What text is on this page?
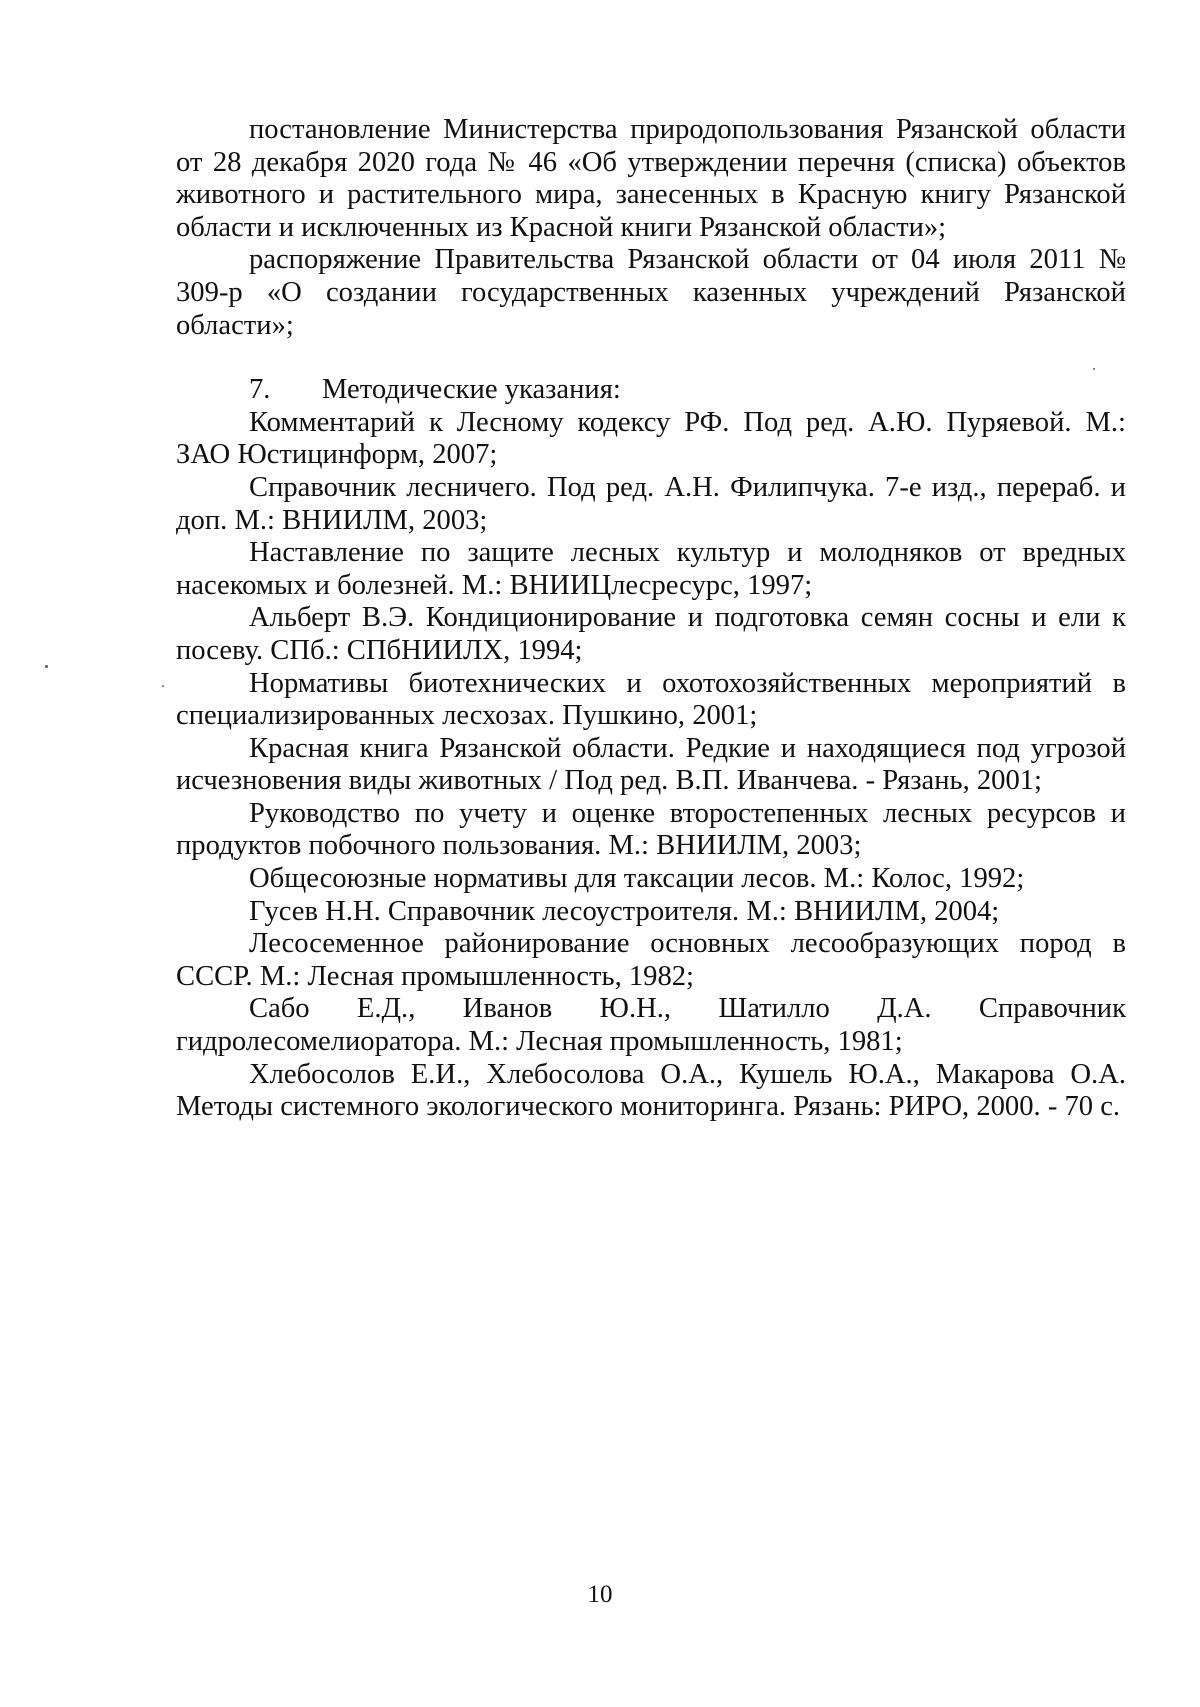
постановление Министерства природопользования Рязанской области от 28 декабря 2020 года № 46 «Об утверждении перечня (списка) объектов животного и растительного мира, занесенных в Красную книгу Рязанской области и исключенных из Красной книги Рязанской области»;

распоряжение Правительства Рязанской области от 04 июля 2011 № 309-р «О создании государственных казенных учреждений Рязанской области»;

7. Методические указания:

Комментарий к Лесному кодексу РФ. Под ред. А.Ю. Пуряевой. М.: ЗАО Юстицинформ, 2007;

Справочник лесничего. Под ред. А.Н. Филипчука. 7-е изд., перераб. и доп. М.: ВНИИЛМ, 2003;

Наставление по защите лесных культур и молодняков от вредных насекомых и болезней. М.: ВНИИЦлесресурс, 1997;

Альберт В.Э. Кондиционирование и подготовка семян сосны и ели к посеву. СПб.: СПбНИИЛХ, 1994;

Нормативы биотехнических и охотохозяйственных мероприятий в специализированных лесхозах. Пушкино, 2001;

Красная книга Рязанской области. Редкие и находящиеся под угрозой исчезновения виды животных / Под ред. В.П. Иванчева. - Рязань, 2001;

Руководство по учету и оценке второстепенных лесных ресурсов и продуктов побочного пользования. М.: ВНИИЛМ, 2003;

Общесоюзные нормативы для таксации лесов. М.: Колос, 1992;

Гусев Н.Н. Справочник лесоустроителя. М.: ВНИИЛМ, 2004;

Лесосеменное районирование основных лесообразующих пород в СССР. М.: Лесная промышленность, 1982;

Сабо Е.Д., Иванов Ю.Н., Шатилло Д.А. Справочник гидролесомелиоратора. М.: Лесная промышленность, 1981;

Хлебосолов Е.И., Хлебосолова О.А., Кушель Ю.А., Макарова О.А. Методы системного экологического мониторинга. Рязань: РИРО, 2000. - 70 с.

10
